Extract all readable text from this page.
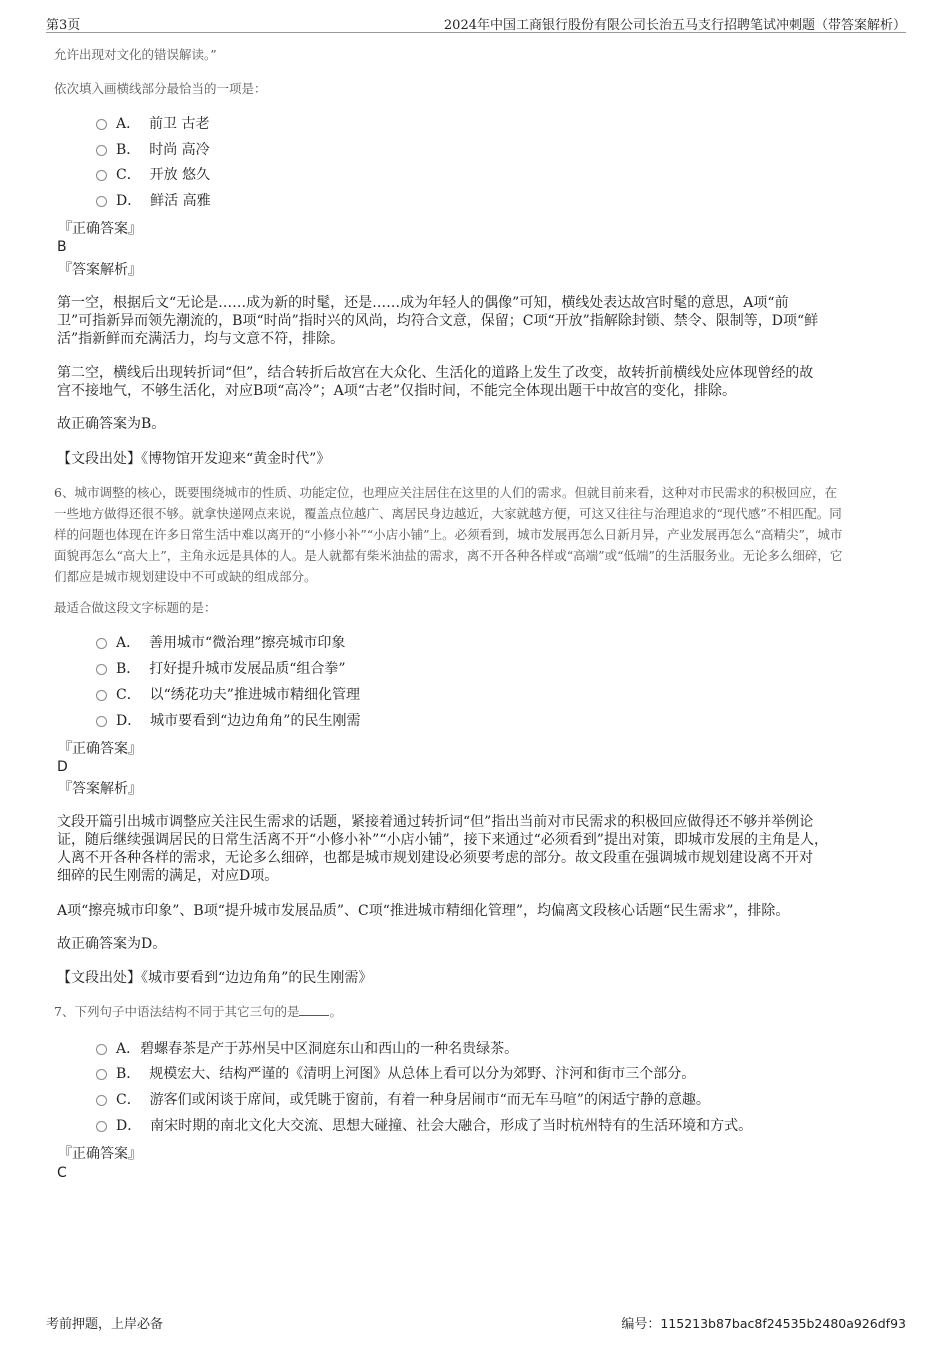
第3页	2024年中国工商银行股份有限公司长治五马支行招聘笔试冲刺题（带答案解析）
允许出现对文化的错误解读。”
依次填入画横线部分最恰当的一项是：
A． 前卫 古老
B． 时尚 高冷
C． 开放 悠久
D． 鲜活 高雅
『正确答案』
B
『答案解析』
第一空，根据后文“无论是……成为新的时髦，还是……成为年轻人的偶像”可知，横线处表达故宫时髦的意思，A项“前
卫”可指新异而领先潮流的，B项“时尚”指时兴的风尚，均符合文意，保留；C项“开放”指解除封锁、禁令、限制等，D项“鲜
活”指新鲜而充满活力，均与文意不符，排除。
第二空，横线后出现转折词“但”，结合转折后故宫在大众化、生活化的道路上发生了改变，故转折前横线处应体现曾经的故
宫不接地气，不够生活化，对应B项“高冷”；A项“古老”仅指时间，不能完全体现出题干中故宫的变化，排除。
故正确答案为B。
【文段出处】《博物馆开发迎来“黄金时代”》
6、城市调整的核心，既要围绕城市的性质、功能定位，也理应关注居住在这里的人们的需求。但就目前来看，这种对市民需求的积极回应，在
一些地方做得还很不够。就拿快递网点来说，覆盖点位越广、离居民身边越近，大家就越方便，可这又往往与治理追求的“现代感”不相匹配。同
样的问题也体现在许多日常生活中难以离开的“小修小补”“小店小铺”上。必须看到，城市发展再怎么日新月异，产业发展再怎么“高精尖”，城市
面貌再怎么“高大上”，主角永远是具体的人。是人就都有柴米油盐的需求，离不开各种各样或“高端”或“低端”的生活服务业。无论多么细碎，它
们都应是城市规划建设中不可或缺的组成部分。
最适合做这段文字标题的是：
A． 善用城市“微治理”擦亮城市印象
B． 打好提升城市发展品质“组合拳”
C． 以“绣花功夫”推进城市精细化管理
D． 城市要看到“边边角角”的民生刚需
『正确答案』
D
『答案解析』
文段开篇引出城市调整应关注民生需求的话题，紧接着通过转折词“但”指出当前对市民需求的积极回应做得还不够并举例论
证，随后继续强调居民的日常生活离不开“小修小补”“小店小铺”，接下来通过“必须看到”提出对策，即城市发展的主角是人，
人离不开各种各样的需求，无论多么细碎，也都是城市规划建设必须要考虑的部分。故文段重在强调城市规划建设离不开对
细碎的民生刚需的满足，对应D项。
A项“擦亮城市印象”、B项“提升城市发展品质”、C项“推进城市精细化管理”，均偏离文段核心话题“民生需求”，排除。
故正确答案为D。
【文段出处】《城市要看到“边边角角”的民生刚需》
7、下列句子中语法结构不同于其它三句的是 。
A．碧螺春茶是产于苏州吴中区洞庭东山和西山的一种名贵绿茶。
B． 规模宏大、结构严谨的《清明上河图》从总体上看可以分为郊野、汴河和街市三个部分。
C． 游客们或闲谈于席间，或凭眺于窗前，有着一种身居闹市“而无车马喧”的闲适宁静的意趣。
D． 南宋时期的南北文化大交流、思想大碰撞、社会大融合，形成了当时杭州特有的生活环境和方式。
『正确答案』
C
考前押题，上岸必备	编号：115213b87bac8f24535b2480a926df93
